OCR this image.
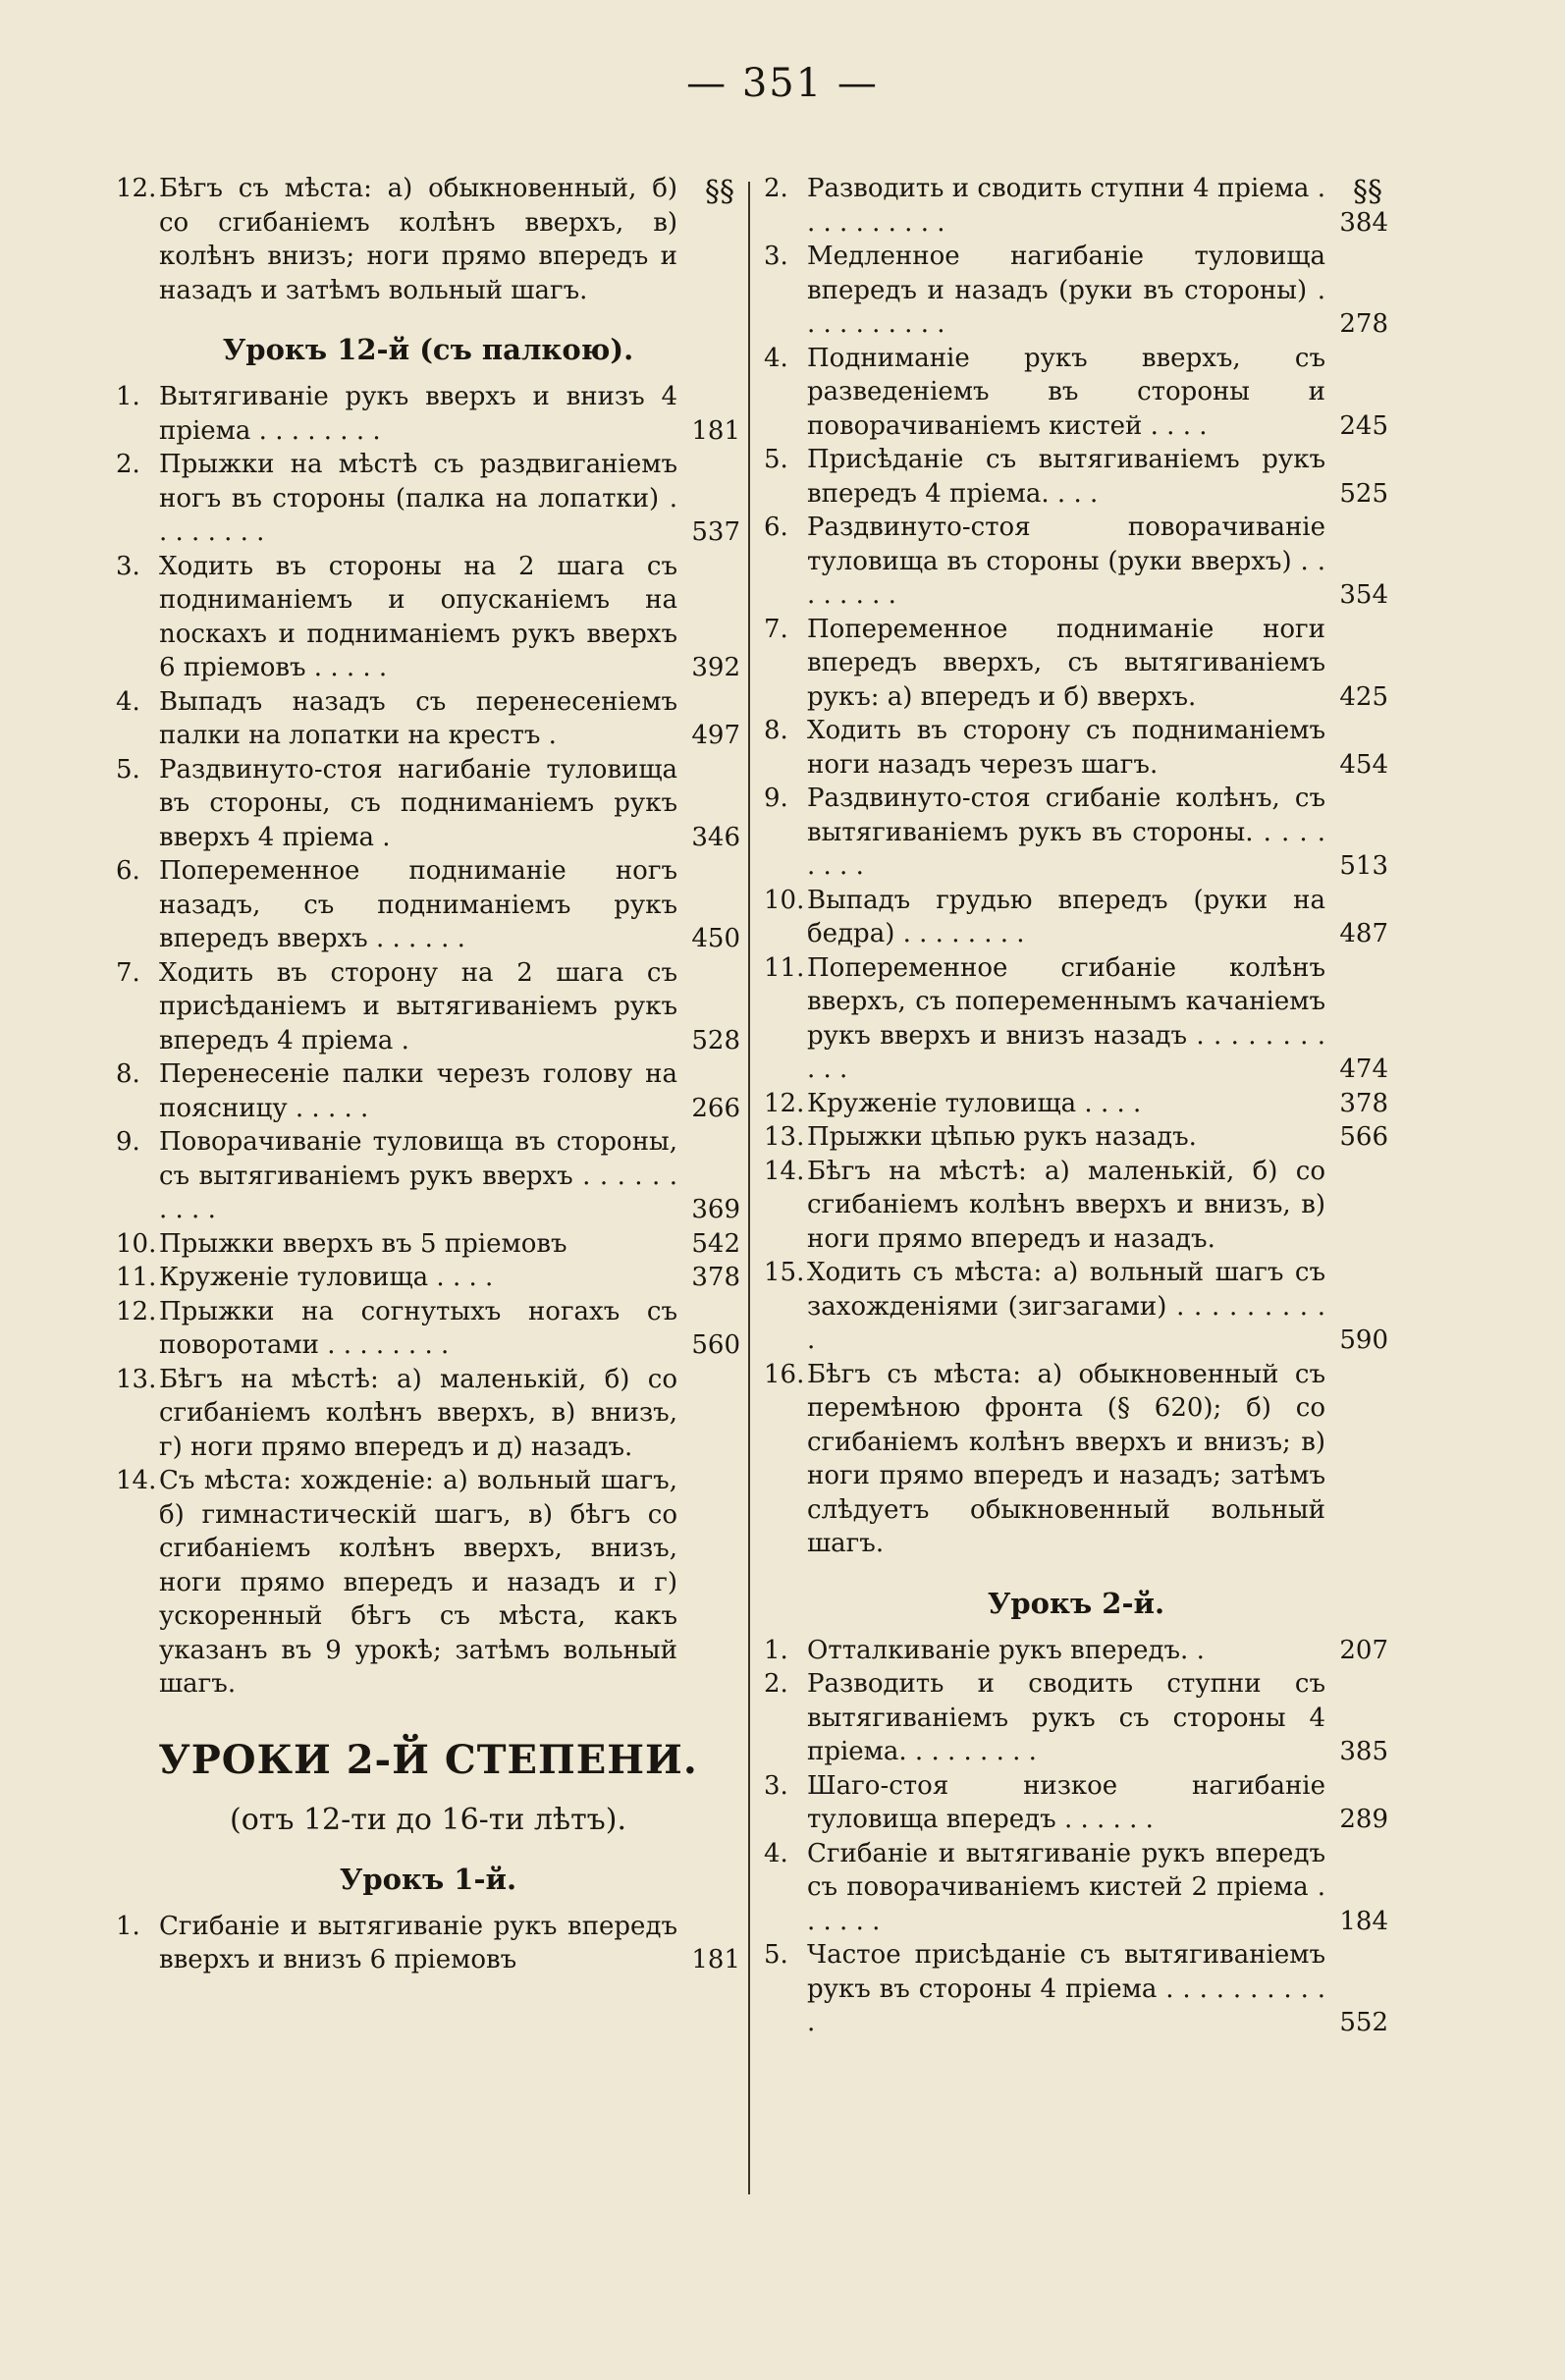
— 351 —
§§	§§
12. Бѣгъ съ мѣста: а) обыкновенный, б) со сгибаніемъ колѣнъ вверхъ, в) колѣнъ внизъ; ноги прямо впередъ и назадъ и затѣмъ вольный шагъ.
Урокъ 12-й (съ палкою).
1. Вытягиваніе рукъ вверхъ и внизъ 4 пріема . . . . . . . .	181
2. Прыжки на мѣстѣ съ раздвиганіемъ ногъ въ стороны (палка на лопатки) . . . . . . . .	537
3. Ходить въ стороны на 2 шага съ подниманіемъ и опусканіемъ на noскахъ и подниманіемъ рукъ вверхъ 6 пріемовъ . . . . .	392
4. Выпадъ назадъ съ перенесеніемъ палки на лопатки на крестъ .	497
5. Раздвинуто-стоя нагибаніе туловища въ стороны, съ подниманіемъ рукъ вверхъ 4 пріема .	346
6. Попеременное подниманіе ногъ назадъ, съ подниманіемъ рукъ впередъ вверхъ . . . . . .	450
7. Ходить въ сторону на 2 шага съ присѣданіемъ и вытягиваніемъ рукъ впередъ 4 пріема .	528
8. Перенесеніе палки черезъ голову на поясницу . . . . .	266
9. Поворачиваніе туловища въ стороны, съ вытягиваніемъ рукъ вверхъ . . . . . . . . . .	369
10. Прыжки вверхъ въ 5 пріемовъ	542
11. Круженіе туловища . . . .	378
12. Прыжки на согнутыхъ ногахъ съ поворотами . . . . . . . .	560
13. Бѣгъ на мѣстѣ: а) маленькій, б) со сгибаніемъ колѣнъ вверхъ, в) внизъ, г) ноги прямо впередъ и д) назадъ.
14. Съ мѣста: хожденіе: а) вольный шагъ, б) гимнастическій шагъ, в) бѣгъ со сгибаніемъ колѣнъ вверхъ, внизъ, ноги прямо впередъ и назадъ и г) ускоренный бѣгъ съ мѣста, какъ указанъ въ 9 урокѣ; затѣмъ вольный шагъ.
УРОКИ 2-Й СТЕПЕНИ.
(отъ 12-ти до 16-ти лѣтъ).
Урокъ 1-й.
1. Сгибаніе и вытягиваніе рукъ впередъ вверхъ и внизъ 6 пріемовъ	181
2. Разводить и сводить ступни 4 пріема . . . . . . . . . .	384
3. Медленное нагибаніе туловища впередъ и назадъ (руки въ стороны) . . . . . . . . . .	278
4. Подниманіе рукъ вверхъ, съ разведеніемъ въ стороны и поворачиваніемъ кистей . . . .	245
5. Присѣданіе съ вытягиваніемъ рукъ впередъ 4 пріема. . . .	525
6. Раздвинуто-стоя поворачиваніе туловища въ стороны (руки вверхъ) . . . . . . . .	354
7. Попеременное подниманіе ноги впередъ вверхъ, съ вытягиваніемъ рукъ: а) впередъ и б) вверхъ.	425
8. Ходить въ сторону съ подниманіемъ ноги назадъ черезъ шагъ.	454
9. Раздвинуто-стоя сгибаніе колѣнъ, съ вытягиваніемъ рукъ въ стороны. . . . . . . . .	513
10. Выпадъ грудью впередъ (руки на бедра) . . . . . . . .	487
11. Попеременное сгибаніе колѣнъ вверхъ, съ попеременнымъ качаніемъ рукъ вверхъ и внизъ назадъ . . . . . . . . . . .	474
12. Круженіе туловища . . . .	378
13. Прыжки цѣпью рукъ назадъ.	566
14. Бѣгъ на мѣстѣ: а) маленькій, б) со сгибаніемъ колѣнъ вверхъ и внизъ, в) ноги прямо впередъ и назадъ.
15. Ходить съ мѣста: а) вольный шагъ съ захожденіями (зигзагами) . . . . . . . . . .	590
16. Бѣгъ съ мѣста: а) обыкновенный съ перемѣною фронта (§ 620); б) со сгибаніемъ колѣнъ вверхъ и внизъ; в) ноги прямо впередъ и назадъ; затѣмъ слѣдуетъ обыкновенный вольный шагъ.
Урокъ 2-й.
1. Отталкиваніе рукъ впередъ. .	207
2. Разводить и сводить ступни съ вытягиваніемъ рукъ съ стороны 4 пріема. . . . . . . . .	385
3. Шаго-стоя низкое нагибаніе туловища впередъ . . . . . .	289
4. Сгибаніе и вытягиваніе рукъ впередъ съ поворачиваніемъ кистей 2 пріема . . . . . .	184
5. Частое присѣданіе съ вытягиваніемъ рукъ въ стороны 4 пріема . . . . . . . . . . .	552
